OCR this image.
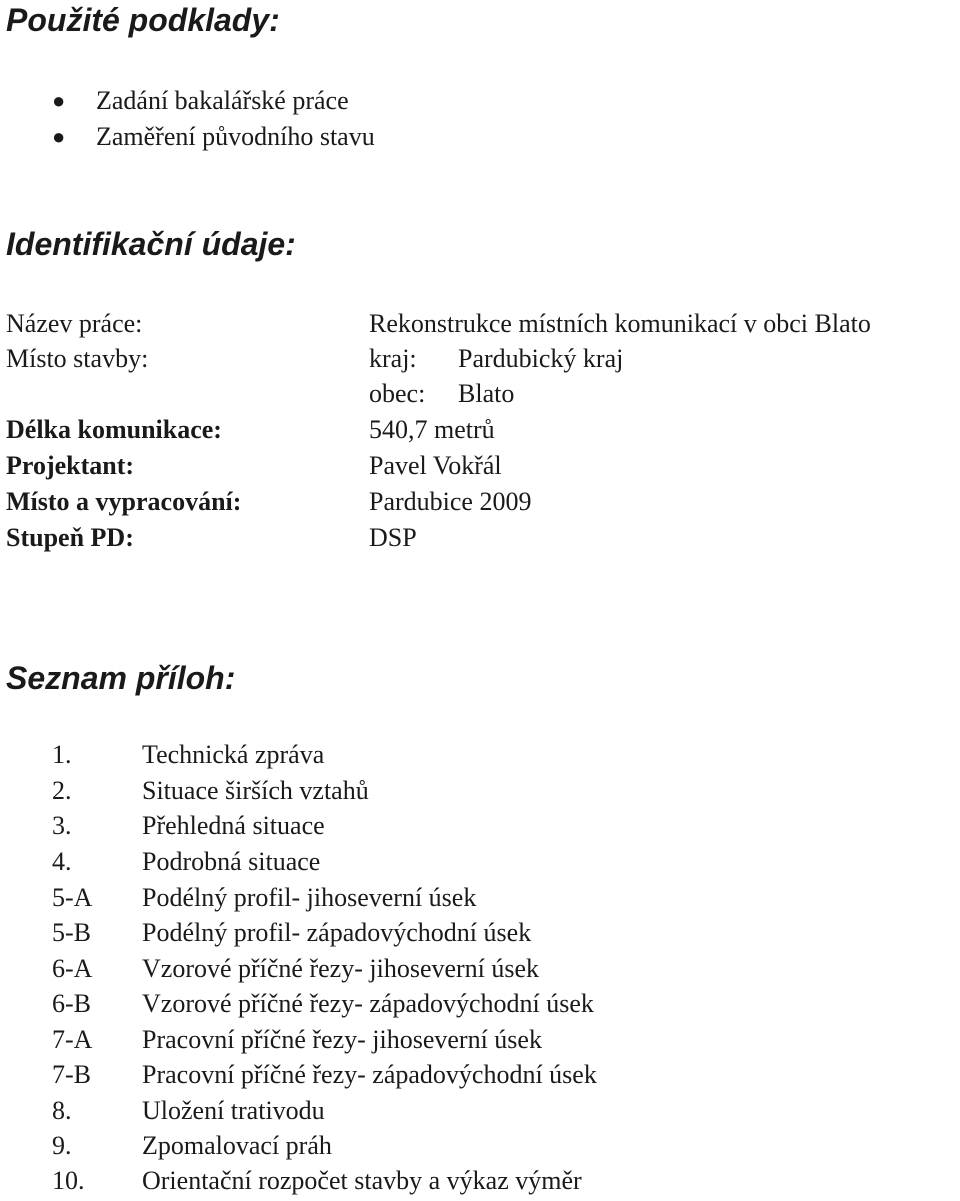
Použité podklady:
● Zadání bakalářské práce
● Zaměření původního stavu
Identifikační údaje:
Název práce:	Rekonstrukce místních komunikací v obci Blato
Místo stavby:	kraj: Pardubický kraj
obec: Blato
Délka komunikace:	540,7 metrů
Projektant:	Pavel Vokřál
Místo a vypracování:	Pardubice 2009
Stupeň PD:	DSP
Seznam příloh:
1.	Technická zpráva
2.	Situace širších vztahů
3.	Přehledná situace
4.	Podrobná situace
5-A Podélný profil- jihoseverní úsek
5-B Podélný profil- západovýchodní úsek
6-A Vzorové příčné řezy- jihoseverní úsek
6-B Vzorové příčné řezy- západovýchodní úsek
7-A Pracovní příčné řezy- jihoseverní úsek
7-B Pracovní příčné řezy- západovýchodní úsek
8.	Uložení trativodu
9.	Zpomalovací práh
10. Orientační rozpočet stavby a výkaz výměr
